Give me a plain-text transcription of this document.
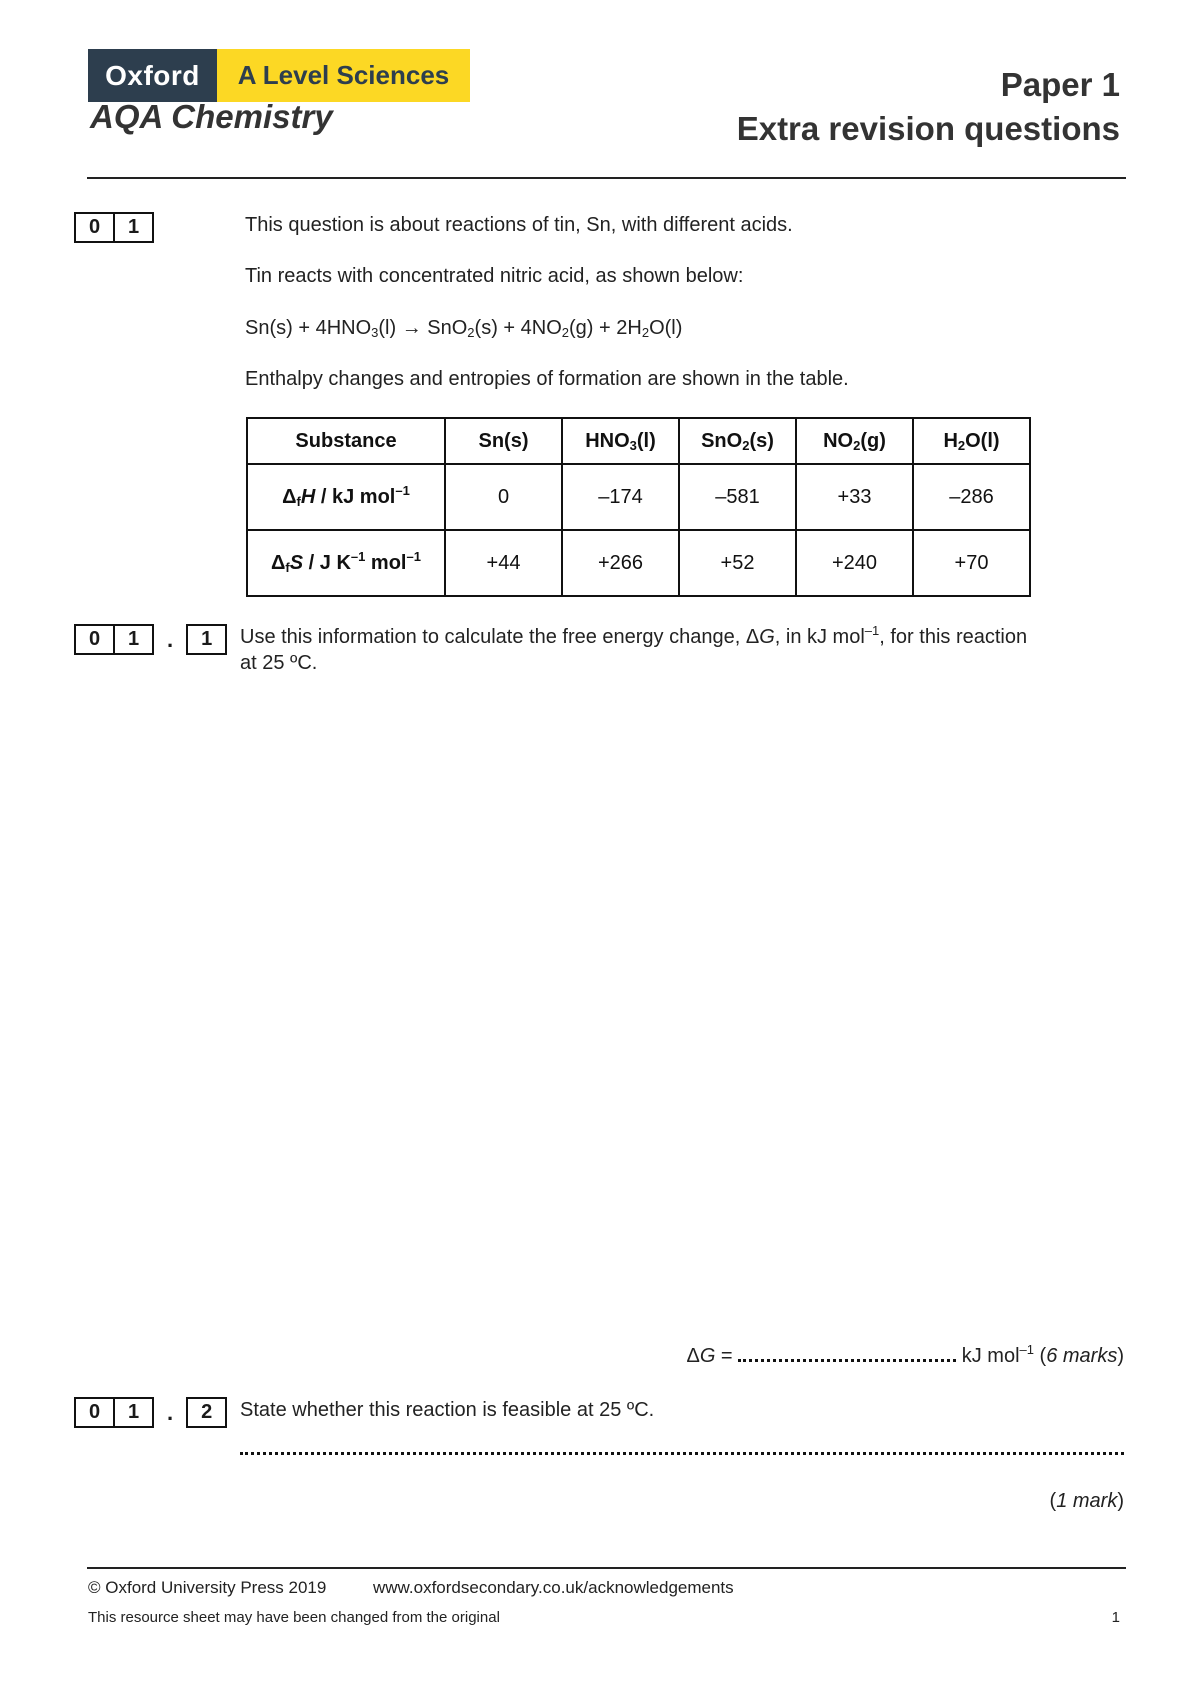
Oxford	A Level Sciences
AQA Chemistry
Paper 1
Extra revision questions
0	1	This question is about reactions of tin, Sn, with different acids.
Tin reacts with concentrated nitric acid, as shown below:
$Sn(s) + 4HNO_3(l) \to SnO_2(s) + 4NO_2(g) + 2H_2O(l)$
Enthalpy changes and entropies of formation are shown in the table.
Substance	Sn(s)	$HNO_3(l)$	SnO$_2$(s)	$NO_2(g)$	$H_2O(l)$
$\Delta_fH$ / kJ mol$^{-1}$	0	–174	–581	+33	–286
$\Delta_fS$ / J $K^{-1}$ mol$^{-1}$	+44	+266	+52	+240	+70
0	1	.	1	Use this information to calculate the free energy change, ΔG, in kJ mol$^{-1}$, for this reaction
at 25 ºC.
ΔG =	kJ mol$^{-1}$ (6 marks)
0	1	.	2	State whether this reaction is feasible at 25 ºC.
(1 mark)
© Oxford University Press 2019	www.oxfordsecondary.co.uk/acknowledgements
This resource sheet may have been changed from the original	1
